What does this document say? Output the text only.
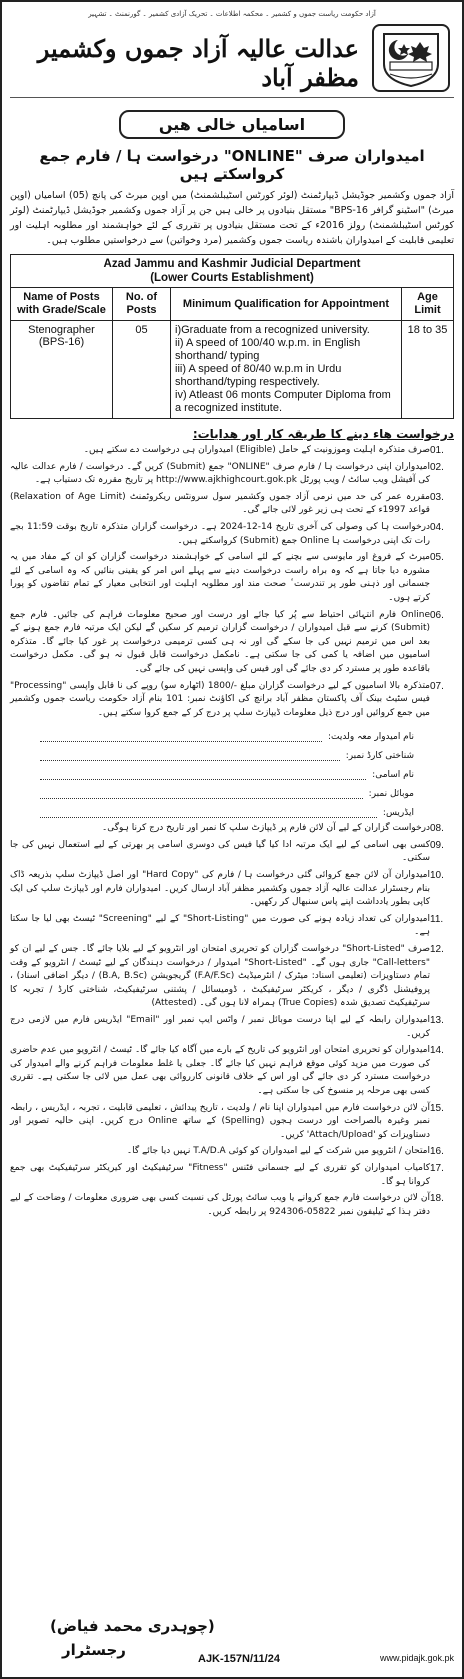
آزاد حکومت ریاست جموں و کشمیر ۔ محکمہ اطلاعات ۔ تحریک آزادی کشمیر ۔ گورنمنٹ ۔ تشہیر
عدالت عالیہ آزاد جموں وکشمیر مظفر آباد
اسامیاں خالی ھیں
امیدواران صرف "ONLINE" درخواست ہا / فارم جمع کرواسکتے ہیں

آزاد جموں وکشمیر جوڈیشل ڈیپارٹمنٹ (لوئر کورٹس اسٹیبلشمنٹ) میں اوپن میرٹ کی پانچ (05) اسامیاں (اوپن میرٹ) "اسٹینو گرافر BPS-16" مستقل بنیادوں پر خالی ہیں جن پر آزاد جموں وکشمیر جوڈیشل ڈیپارٹمنٹ (لوئر کورٹس اسٹیبلشمنٹ) رولز 2016ء کے تحت مستقل بنیادوں پر تقرری کے لئے خواہشمند اور مطلوبہ اہلیت اور تعلیمی قابلیت کے امیدواران باشندہ ریاست جموں وکشمیر (مرد وخواتین) سے درخواستیں مطلوب ہیں۔

Azad Jammu and Kashmir Judicial Department
(Lower Courts Establishment)
Name of Posts with Grade/Scale	No. of Posts	Minimum Qualification for Appointment	Age Limit
Stenographer (BPS-16)	05	i)Graduate from a recognized university.
ii) A speed of 100/40 w.p.m. in English shorthand/ typing
iii) A speed of 80/40 w.p.m in Urdu shorthand/typing respectively.
iv) Atleast 06 monts Computer Diploma from a recognized institute.	18 to 35
درخواست ھاء دینے کا طریقہ کار اور ھدایات:
01.
صرف متذکرہ اہلیت وموزونیت کے حامل (Eligible) امیدواران ہی درخواست دے سکتے ہیں۔
02.
امیدواران اپنی درخواست ہا / فارم صرف "ONLINE" جمع (Submit) کریں گے۔ درخواست / فارم عدالت عالیہ کی آفیشل ویب سائٹ / ویب پورٹل http://www.ajkhighcourt.gok.pk پر تاریخ مقررہ تک دستیاب ہے۔
03.
مقررہ عمر کی حد میں نرمی آزاد جموں وکشمیر سول سرونٹس ریکروٹمنٹ (Relaxation of Age Limit) قواعد 1997ء کے تحت ہی زیر غور لائی جائے گی۔
04.
درخواست ہا کی وصولی کی آخری تاریخ 14-12-2024 ہے۔ درخواست گزاران متذکرہ تاریخ بوقت 11:59 بجے رات تک اپنی درخواست ہا Online جمع (Submit) کرواسکتے ہیں۔
05.
میرٹ کے فروغ اور مایوسی سے بچنے کے لئے اسامی کے خواہشمند درخواست گزاران کو ان کے مفاد میں یہ مشورہ دیا جاتا ہے کہ وہ براہ راست درخواست دینے سے پہلے اس امر کو یقینی بنائیں کہ وہ اسامی کے لئے جسمانی اور ذہنی طور پر تندرست ٔ صحت مند اور مطلوبہ اہلیت اور انتخابی معیار کے تمام تقاضوں کو پورا کرتے ہوں۔
06.
Online فارم انتہائی احتیاط سے پُر کیا جائے اور درست اور صحیح معلومات فراہم کی جائیں۔ فارم جمع (Submit) کرنے سے قبل امیدواران / درخواست گزاران ترمیم کر سکیں گے لیکن ایک مرتبہ فارم جمع ہونے کے بعد اس میں ترمیم نہیں کی جا سکے گی اور نہ ہی کسی ترمیمی درخواست پر غور کیا جائے گا۔ متذکرہ اسامیوں میں اضافہ یا کمی کی جا سکتی ہے۔ نامکمل درخواست قابل قبول نہ ہو گی۔ مکمل درخواست باقاعدہ طور پر مسترد کر دی جائے گی اور فیس کی واپسی نہیں کی جائے گی۔
07.
متذکرہ بالا اسامیوں کے لیے درخواست گزاران مبلغ -/1800 (اٹھارہ سو) روپے کی نا قابل واپسی "Processing" فیس سٹیٹ بینک آف پاکستان مظفر آباد برانچ کی اکاؤنٹ نمبر: 101 بنام آزاد حکومت ریاست جموں وکشمیر میں جمع کروائیں اور درج ذیل معلومات ڈیپازٹ سلپ پر درج کر کے جمع کروا سکتے ہیں۔
نام امیدوار معہ ولدیت:
شناختی کارڈ نمبر:
نام اسامی:
موبائل نمبر:
ایڈریس:
08.
درخواست گزاران کے لیے آن لائن فارم پر ڈیپازٹ سلپ کا نمبر اور تاریخ درج کرنا ہوگی۔
09.
کسی بھی اسامی کے لیے ایک مرتبہ ادا کیا گیا فیس کی دوسری اسامی پر بھرتی کے لیے استعمال نہیں کی جا سکتی۔
10.
امیدواران آن لائن جمع کروائی گئی درخواست ہا / فارم کی "Hard Copy" اور اصل ڈیپازٹ سلپ بذریعہ ڈاک بنام رجسٹرار عدالت عالیہ آزاد جموں وکشمیر مظفر آباد ارسال کریں۔ امیدواران فارم اور ڈیپازٹ سلپ کی ایک کاپی بطور یادداشت اپنے پاس سنبھال کر رکھیں۔
11.
امیدواران کی تعداد زیادہ ہونے کی صورت میں "Short-Listing" کے لیے "Screening" ٹیسٹ بھی لیا جا سکتا ہے۔
12.
صرف "Short-Listed" درخواست گزاران کو تحریری امتحان اور انٹرویو کے لیے بلایا جائے گا۔ جس کے لیے ان کو "Call-letters" جاری ہوں گے۔ "Short-Listed" امیدوار / درخواست دہندگان کے لیے ٹیسٹ / انٹرویو کے وقت تمام دستاویزات (تعلیمی اسناد: میٹرک / انٹرمیڈیٹ (F.A/F.Sc) گریجویشن (B.A, B.Sc) / دیگر اضافی اسناد) ، پروفیشنل ڈگری / دیگر ، کریکٹر سرٹیفیکیٹ ، ڈومیسائل / پشتنی سرٹیفیکیٹ، شناختی کارڈ / تجربہ کا سرٹیفیکیٹ تصدیق شدہ (True Copies) ہمراہ لانا ہوں گی۔ (Attested)
13.
امیدواران رابطہ کے لیے اپنا درست موبائل نمبر / واٹس ایپ نمبر اور "Email" ایڈریس فارم میں لازمی درج کریں۔
14.
امیدواران کو تحریری امتحان اور انٹرویو کی تاریخ کے بارے میں آگاہ کیا جائے گا۔ ٹیسٹ / انٹرویو میں عدم حاضری کی صورت میں مزید کوئی موقع فراہم نہیں کیا جائے گا۔ جعلی یا غلط معلومات فراہم کرنے والے امیدوار کی درخواست مسترد کر دی جائے گی اور اس کے خلاف قانونی کارروائی بھی عمل میں لائی جا سکتی ہے۔ تقرری کسی بھی مرحلہ پر منسوخ کی جا سکتی ہے۔
15.
آن لائن درخواست فارم میں امیدواران اپنا نام / ولدیت ، تاریخ پیدائش ، تعلیمی قابلیت ، تجربہ ، ایڈریس ، رابطہ نمبر وغیرہ بالصراحت اور درست ہجوں (Spelling) کے ساتھ Online درج کریں۔ اپنی حالیہ تصویر اور دستاویزات کو 'Attach/Upload' کریں۔
16.
امتحان / انٹرویو میں شرکت کے لیے امیدواران کو کوئی T.A/D.A نہیں دیا جائے گا۔
17.
کامیاب امیدواران کو تقرری کے لیے جسمانی فٹنس "Fitness" سرٹیفیکیٹ اور کیریکٹر سرٹیفیکیٹ بھی جمع کروانا ہو گا۔
18.
آن لائن درخواست فارم جمع کروانے یا ویب سائٹ پورٹل کی نسبت کسی بھی ضروری معلومات / وضاحت کے لیے دفتر ہذا کے ٹیلیفون نمبر 05822-924306 پر رابطہ کریں۔
(چوہدری محمد فیاض)
رجسٹرار	AJK-157N/11/24	www.pidajk.gok.pk
